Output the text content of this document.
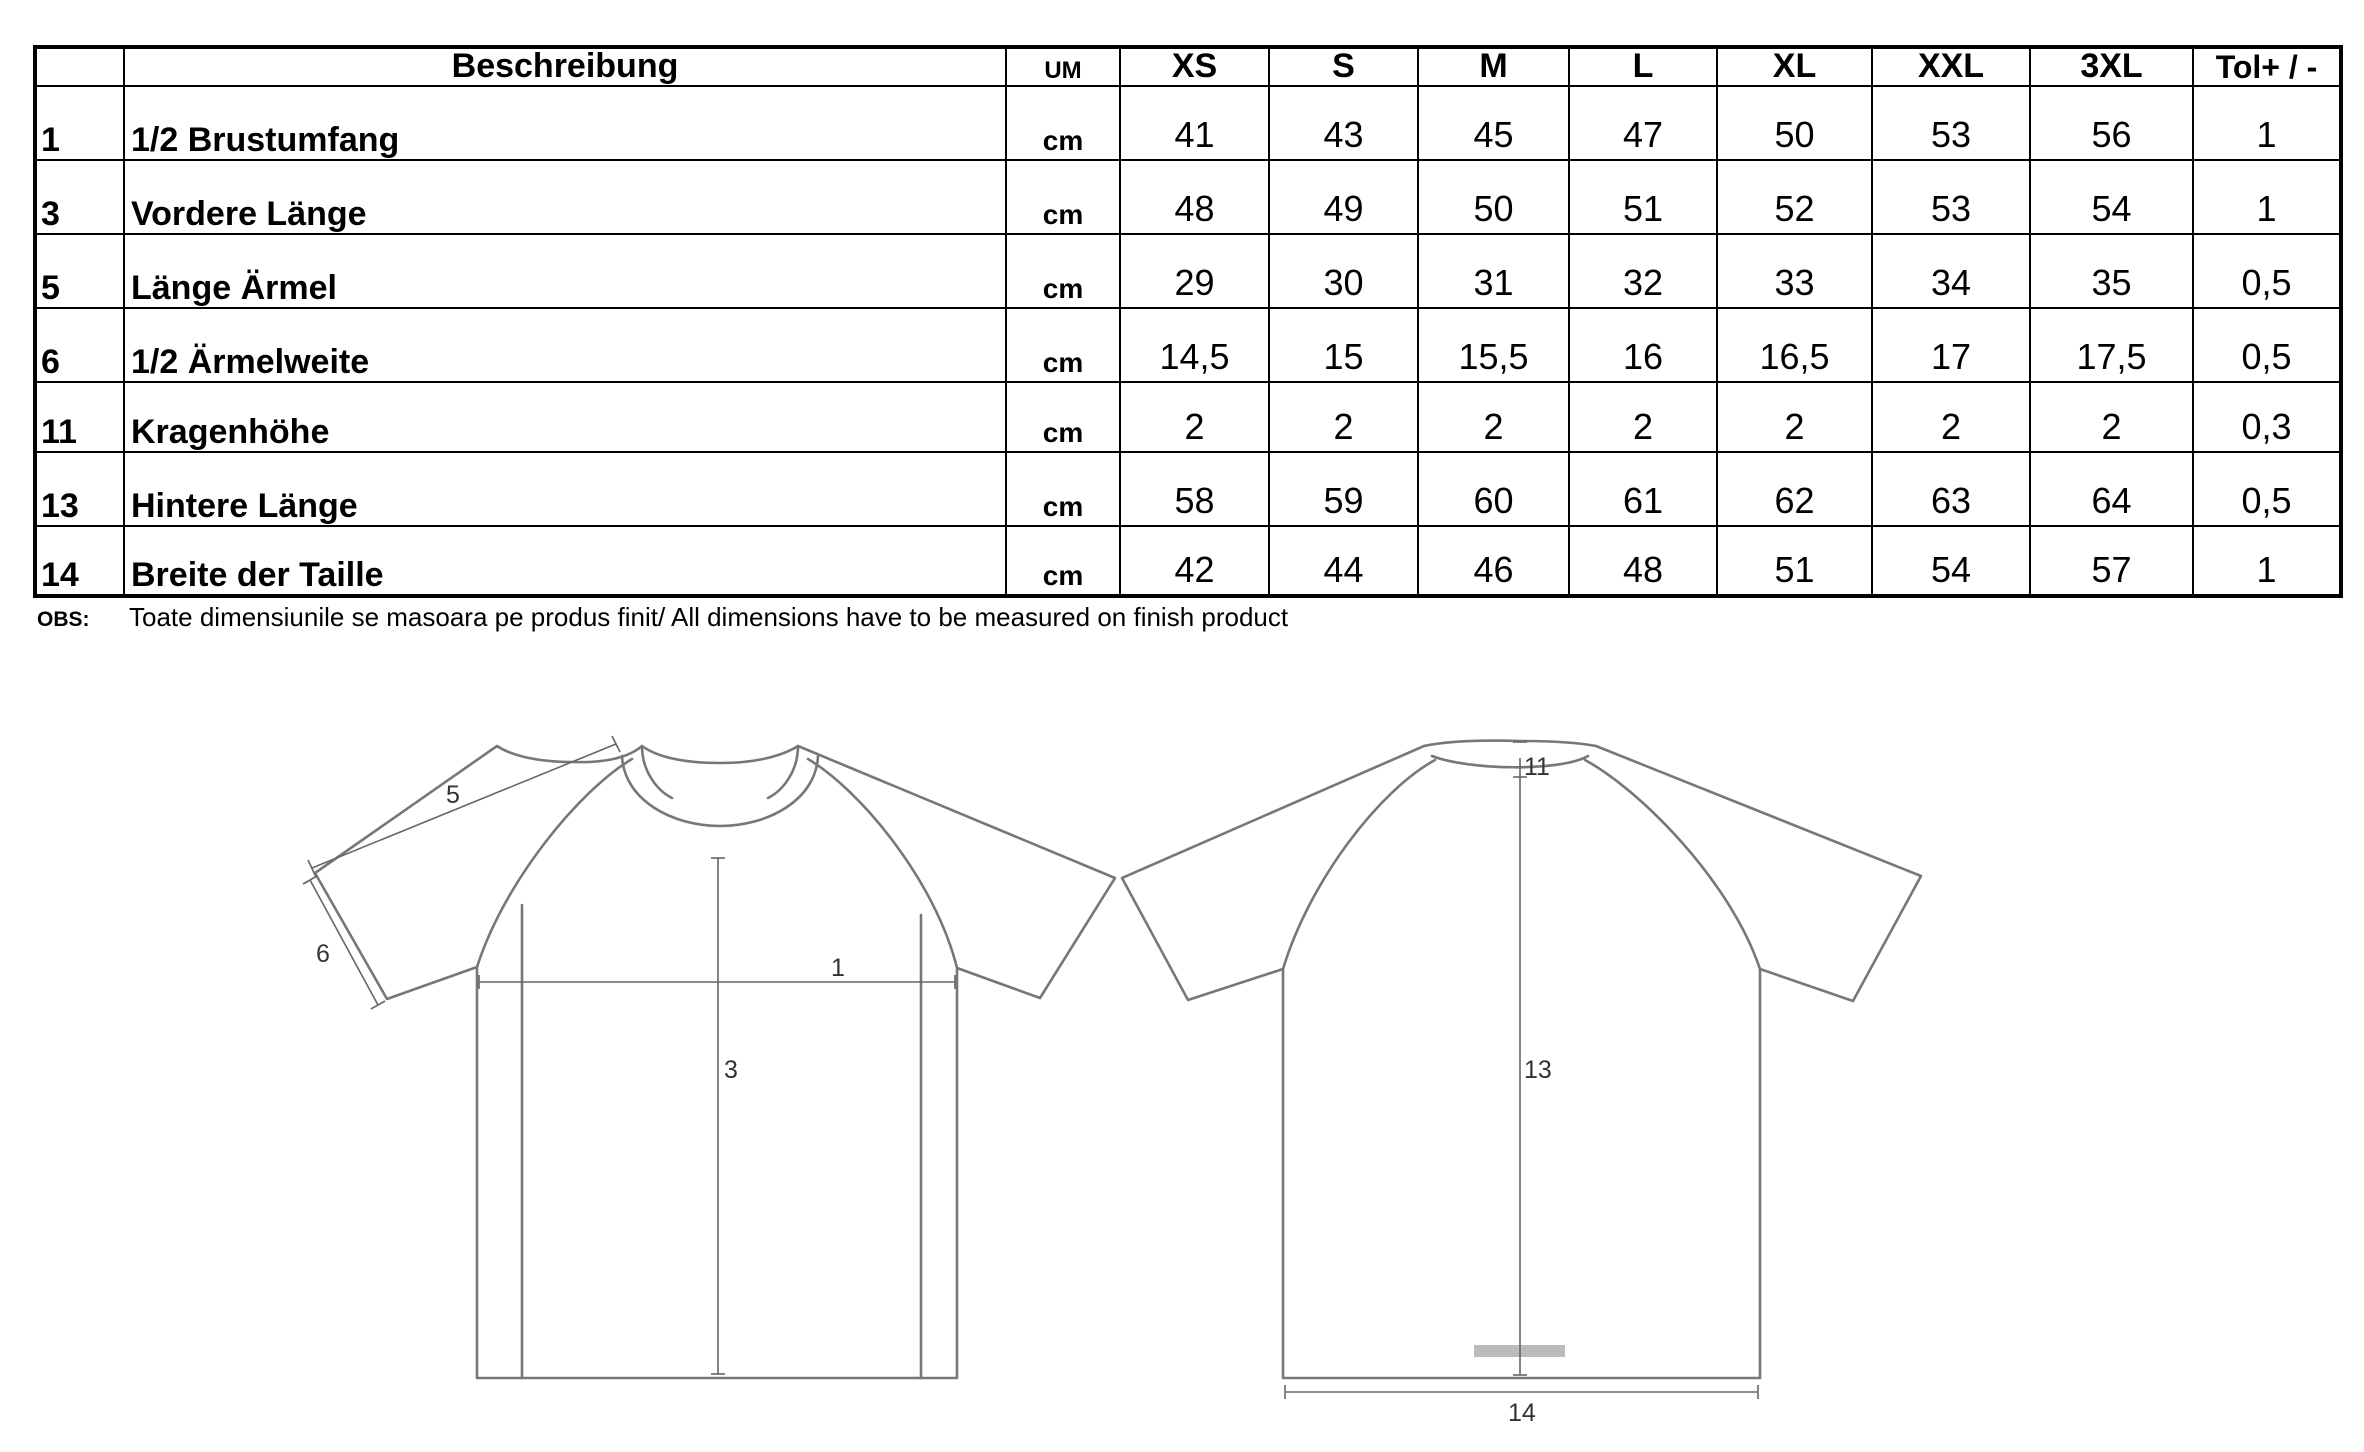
	Beschreibung	UM	XS	S	M	L	XL	XXL	3XL	Tol+ / -
1	1/2 Brustumfang	cm	41	43	45	47	50	53	56	1
3	Vordere Länge	cm	48	49	50	51	52	53	54	1
5	Länge Ärmel	cm	29	30	31	32	33	34	35	0,5
6	1/2 Ärmelweite	cm	14,5	15	15,5	16	16,5	17	17,5	0,5
11	Kragenhöhe	cm	2	2	2	2	2	2	2	0,3
13	Hintere Länge	cm	58	59	60	61	62	63	64	0,5
14	Breite der Taille	cm	42	44	46	48	51	54	57	1
OBS: Toate dimensiunile se masoara pe produs finit/ All dimensions have to be measured on finish product
5
6	1
3
11
13
14
